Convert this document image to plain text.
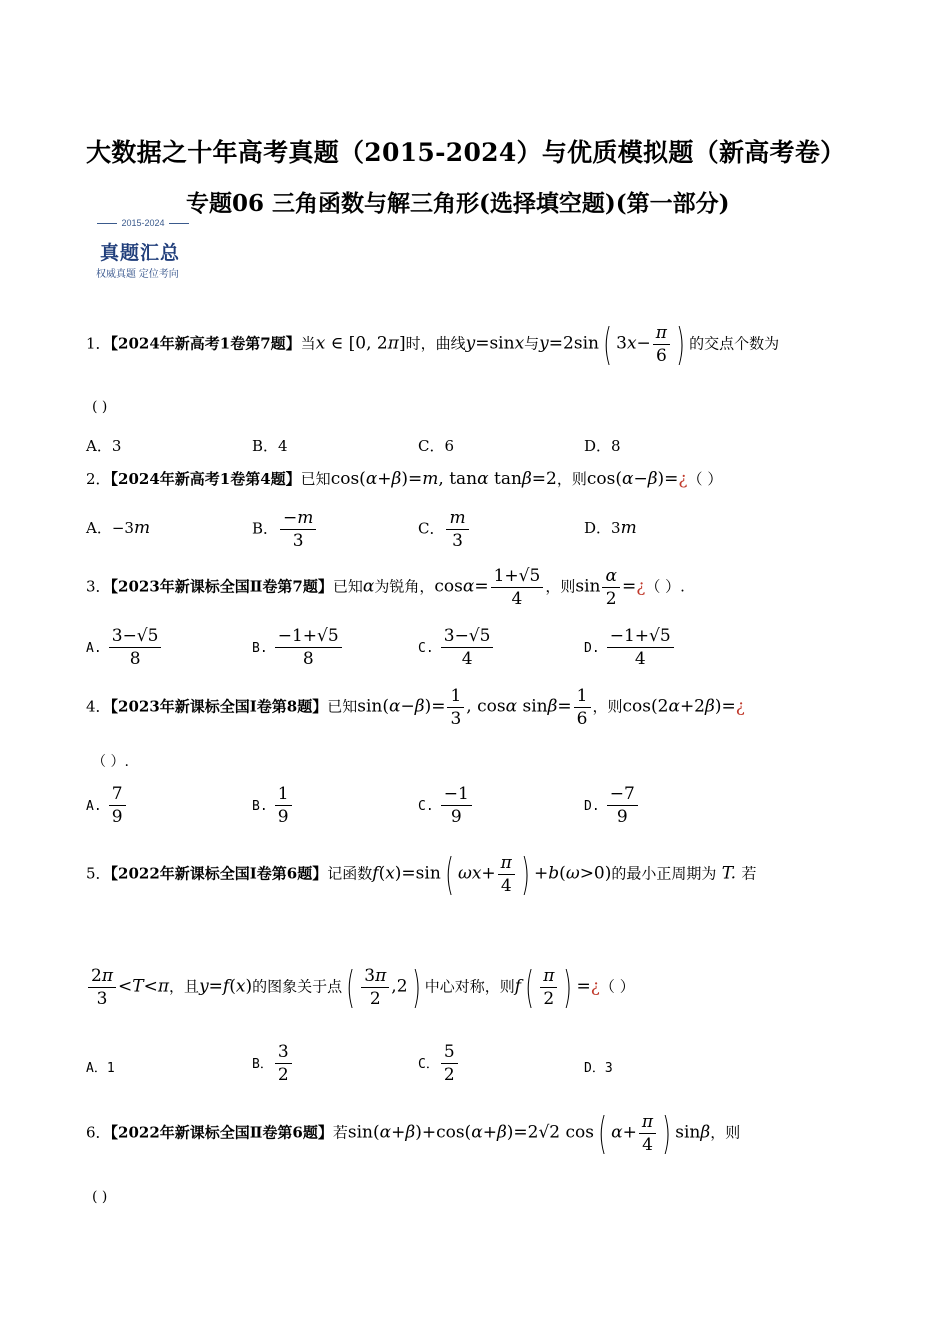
大数据之十年高考真题（2015-2024）与优质模拟题（新高考卷）
专题06 三角函数与解三角形(选择填空题)(第一部分)
2015-2024
真题汇总
权威真题 定位考向
1．【2024年新高考1卷第7题】当x ∈ [0, 2π]时，曲线y=sinx与y=2sin( $3x- \frac{\pi}{6}$ ) 的交点个数为
( )
A．3	B．4	C．6	D．8
2．【2024年新高考1卷第4题】已知cos(α+β)=m, tanα tanβ=2，则cos(α−β)=¿（ ）
A．−3m	B． $\frac{-m}{3}$	C． $\frac{m}{3}$	D．3m
3．【2023年新课标全国Ⅱ卷第7题】已知α为锐角，$\cos\alpha= \frac{1+√5}{4}$ ，则$\sin \frac{\alpha}{2}$ =¿（ ）.
A. $\frac{3-√5}{8}$	B. $\frac{-1+√5}{8}$	C. $\frac{3-√5}{4}$	D. $\frac{-1+√5}{4}$
4．【2023年新课标全国Ⅰ卷第8题】已知$\sin(\alpha-\beta)= \frac{1}{3}$ , cosα $\sin\beta= \frac{1}{6}$ ，则cos(2α+2β)=¿
（ ）.
A. $\frac{7}{9}$	B. $\frac{1}{9}$	C. $\frac{-1}{9}$	D. $\frac{-7}{9}$
5．【2022年新课标全国Ⅰ卷第6题】记函数f(x)=sin( $\omega x+ \frac{\pi}{4}$ ) +b(ω>0)的最小正周期为 T. 若
$\frac{2\pi}{3} <T<\pi$，且y=f(x)的图象关于点( $\frac{3\pi}{2} ,2$) 中心对称，则$f( \frac{\pi}{2}$ ) =¿（ ）
A．1	B． $\frac{3}{2}$	C． $\frac{5}{2}$	D．3
6．【2022年新课标全国Ⅱ卷第6题】若sin(α+β)+cos(α+β)=2√2 cos( $\alpha+ \frac{\pi}{4}$ ) sinβ，则
( )
